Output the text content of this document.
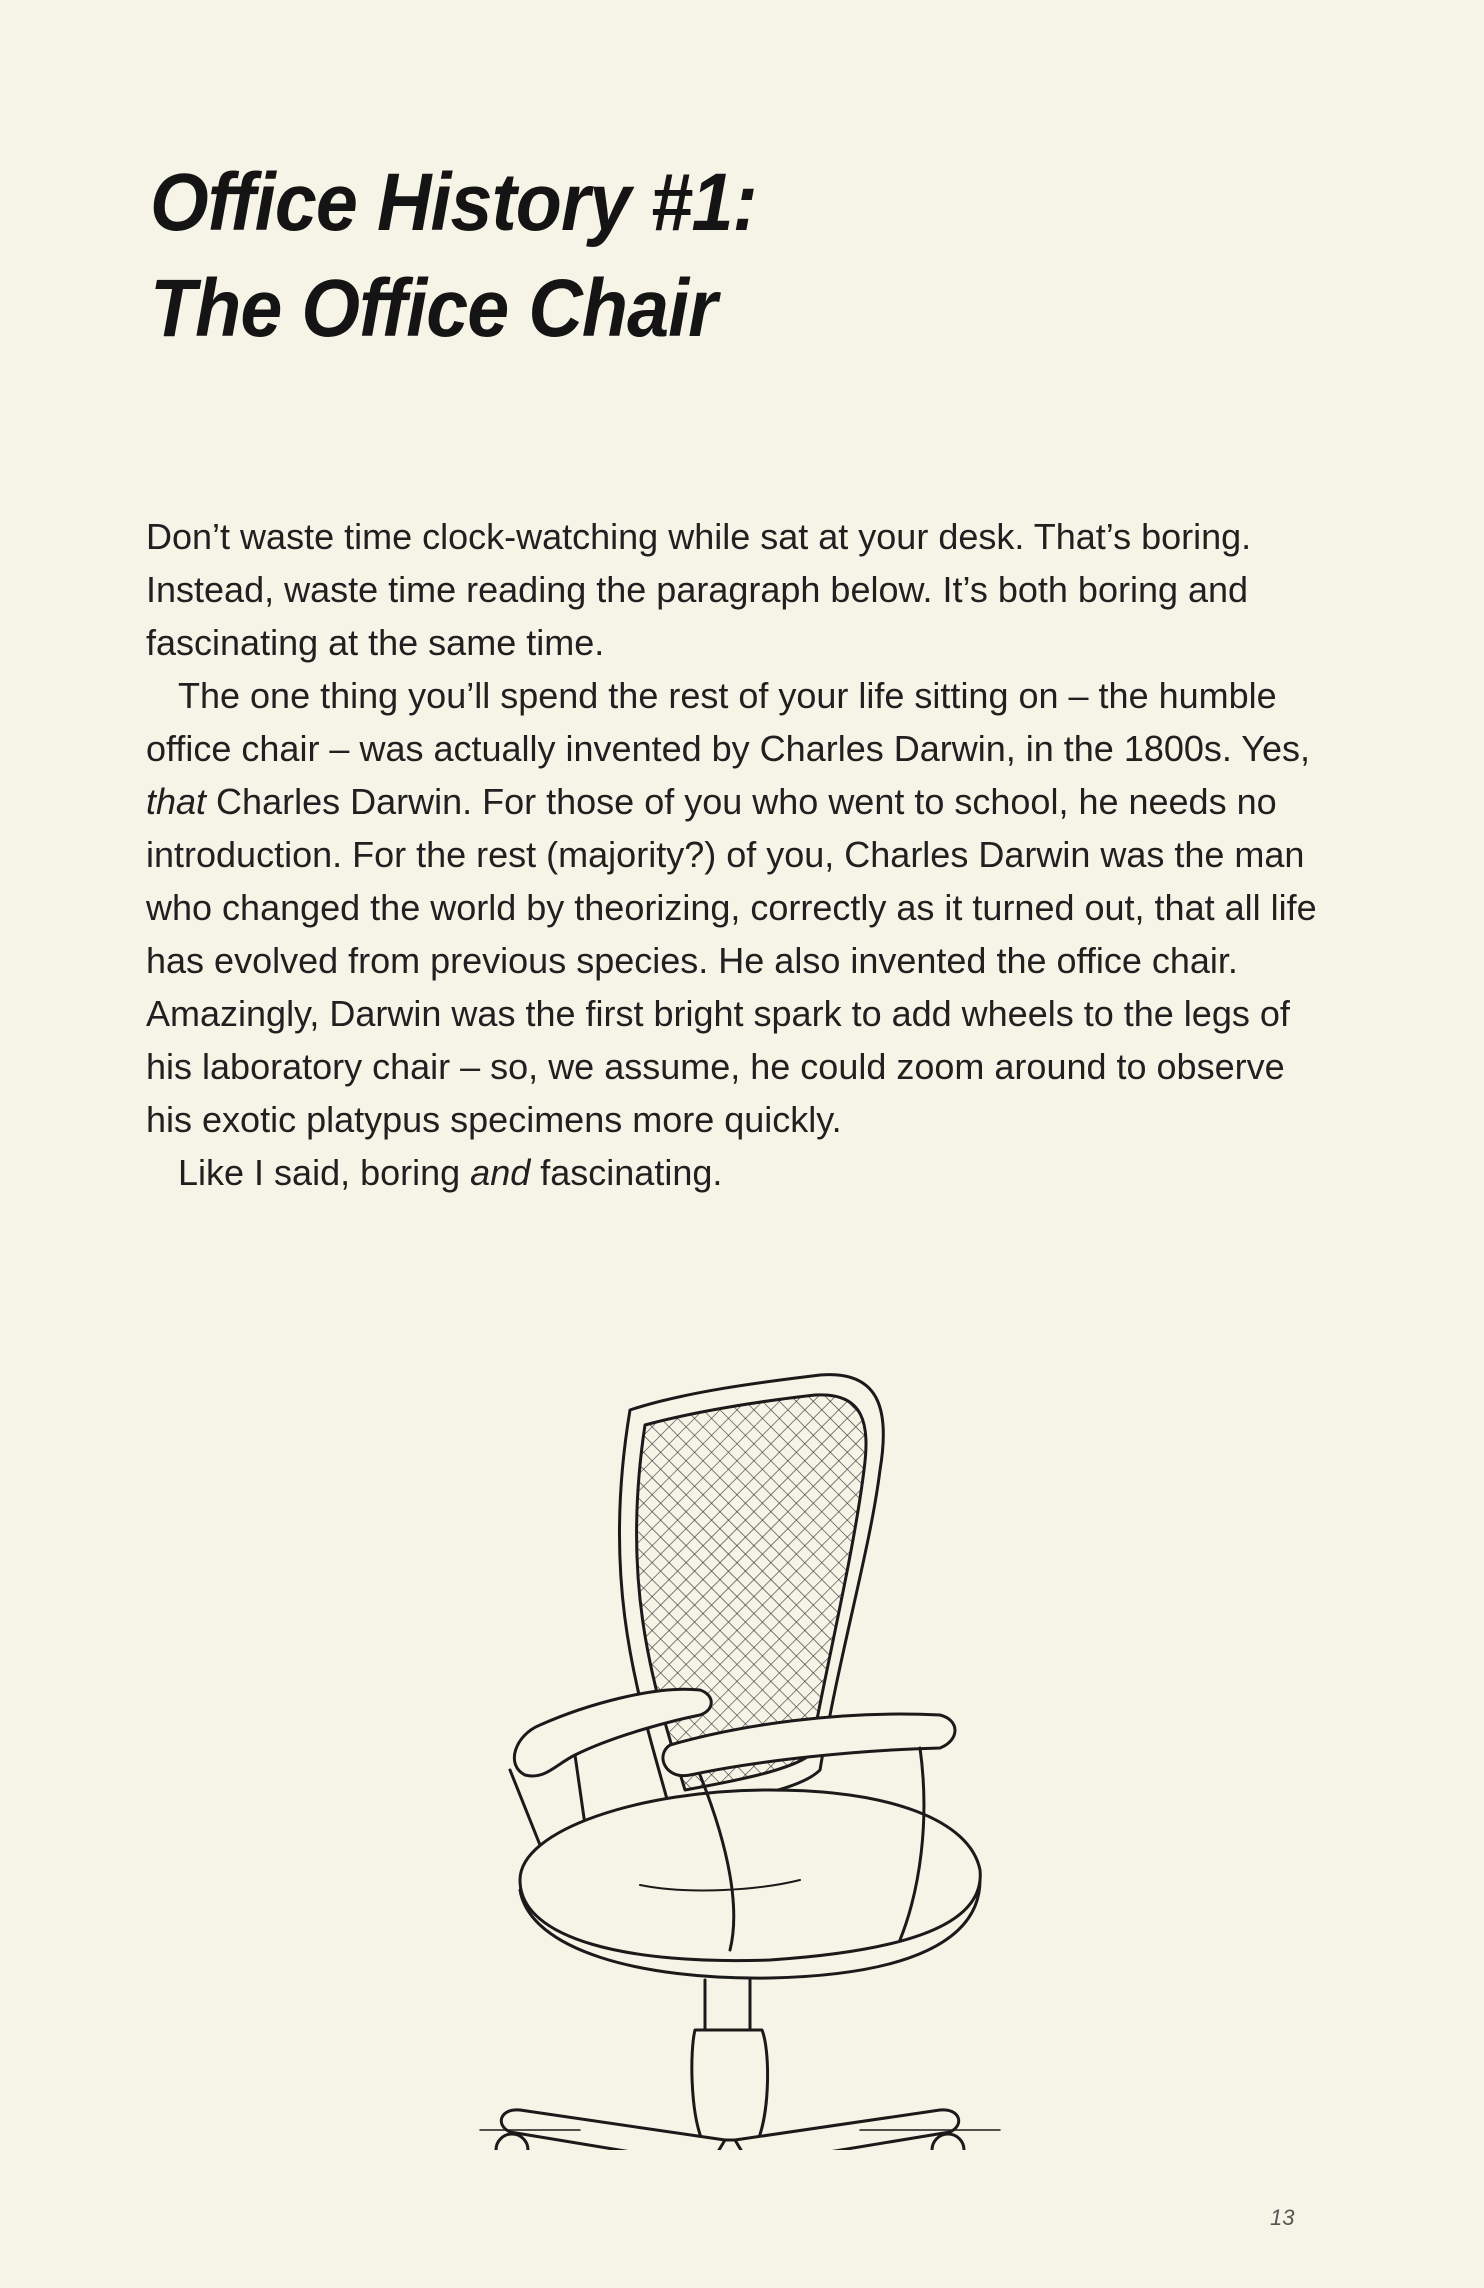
Office History #1:
The Office Chair

Don’t waste time clock-watching while sat at your desk. That’s boring. Instead, waste time reading the paragraph below. It’s both boring and fascinating at the same time.

The one thing you’ll spend the rest of your life sitting on – the humble office chair – was actually invented by Charles Darwin, in the 1800s. Yes, that Charles Darwin. For those of you who went to school, he needs no introduction. For the rest (majority?) of you, Charles Darwin was the man who changed the world by theorizing, correctly as it turned out, that all life has evolved from previous species. He also invented the office chair. Amazingly, Darwin was the first bright spark to add wheels to the legs of his laboratory chair – so, we assume, he could zoom around to observe his exotic platypus specimens more quickly.

Like I said, boring and fascinating.

13
